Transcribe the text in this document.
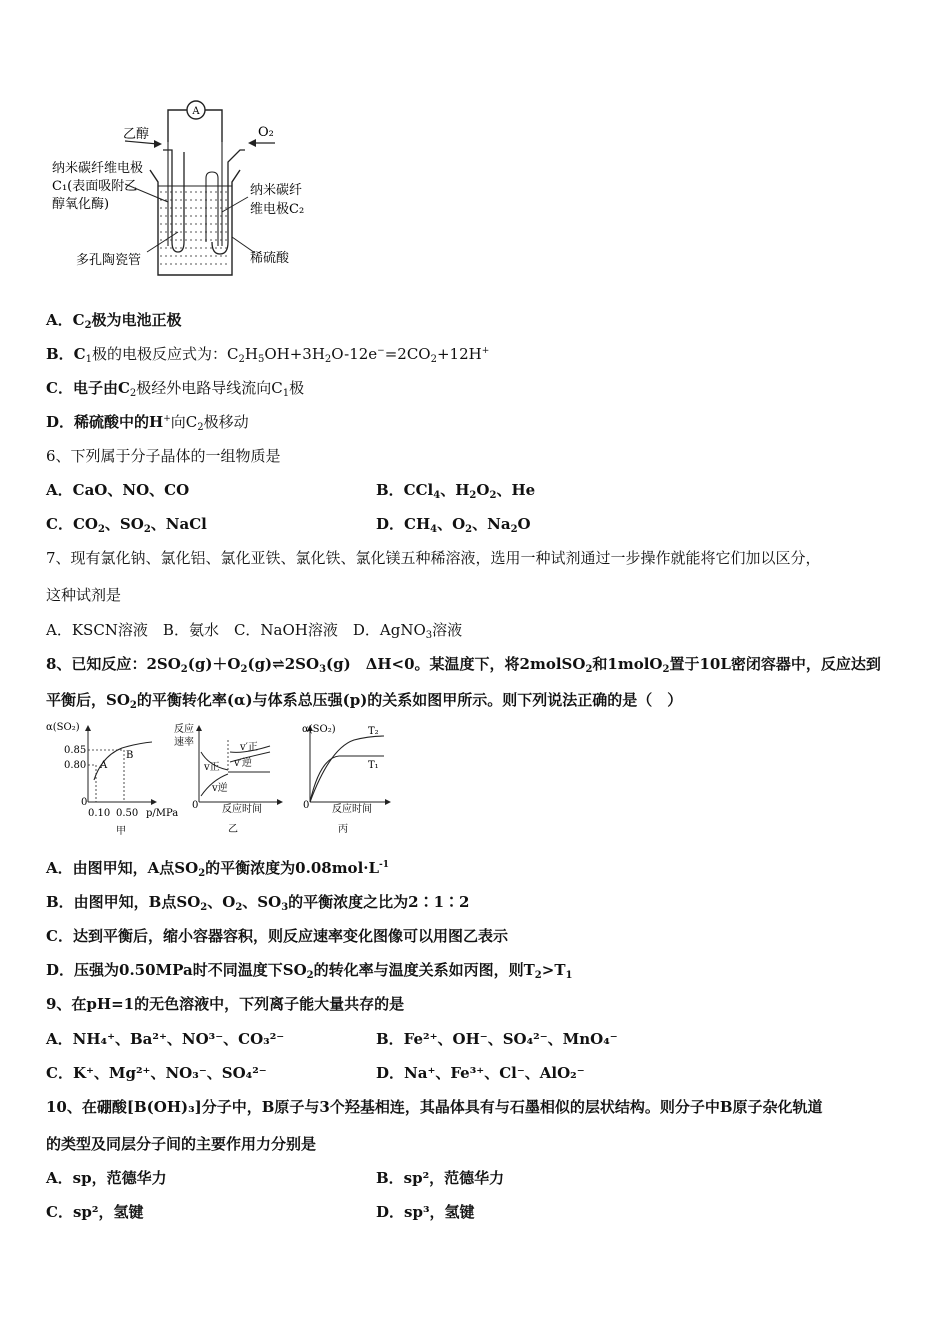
A
乙醇	O₂
纳米碳纤维电极
C₁(表面吸附乙
醇氧化酶)
纳米碳纤
维电极C₂
多孔陶瓷管	稀硫酸
A．$C_2$极为电池正极
B．$C_1$极的电极反应式为：$C_2H_5OH+3H_2O-12e^-=2CO_2+12H^+$
C．电子由$C_2$极经外电路导线流向$C_1$极
D．稀硫酸中的H+向$C_2$极移动
6、下列属于分子晶体的一组物质是
A．CaO、NO、CO	B．CCl$_4$、$H_2O_2$、He
C．$CO_2$、$SO_2$、NaCl	D．$CH_4$、$O_2$、$Na_2O$
7、现有氯化钠、氯化铝、氯化亚铁、氯化铁、氯化镁五种稀溶液，选用一种试剂通过一步操作就能将它们加以区分，
这种试剂是
A．KSCN溶液　B．氨水　C．NaOH溶液　D．AgNO$_3$溶液
8、已知反应：$2SO_2(g)+O_2(g)\rightleftharpoons 2SO_3(g)$　ΔH<0。某温度下，将2molSO$_2$和1molO$_2$置于10L密闭容器中，反应达到
平衡后，$SO_2$的平衡转化率(α)与体系总压强(p)的关系如图甲所示。则下列说法正确的是（　）
α(SO₂)
0.85
0.80
0
0.10 0.50 p/MPa
A
B
甲
反应
速率
v正
v逆
v′正
v′逆
0 反应时间
乙
α(SO₂)	T₂
T₁
0 反应时间
丙
A．由图甲知，A点$SO_2$的平衡浓度为$0.08mol\cdot L^{-1}$
B．由图甲知，B点$SO_2$、$O_2$、$SO_3$的平衡浓度之比为2∶1∶2
C．达到平衡后，缩小容器容积，则反应速率变化图像可以用图乙表示
D．压强为0.50MPa时不同温度下$SO_2$的转化率与温度关系如丙图，则$T_2>T_1$
9、在pH=1的无色溶液中，下列离子能大量共存的是
A．NH₄⁺、Ba²⁺、NO³⁻、CO₃²⁻	B．Fe²⁺、OH⁻、SO₄²⁻、MnO₄⁻
C．K⁺、Mg²⁺、NO₃⁻、SO₄²⁻	D．Na⁺、Fe³⁺、Cl⁻、AlO₂⁻
10、在硼酸[B(OH)₃]分子中，B原子与3个羟基相连，其晶体具有与石墨相似的层状结构。则分子中B原子杂化轨道
的类型及同层分子间的主要作用力分别是
A．sp，范德华力	B．sp²，范德华力
C．sp²，氢键	D．sp³，氢键
